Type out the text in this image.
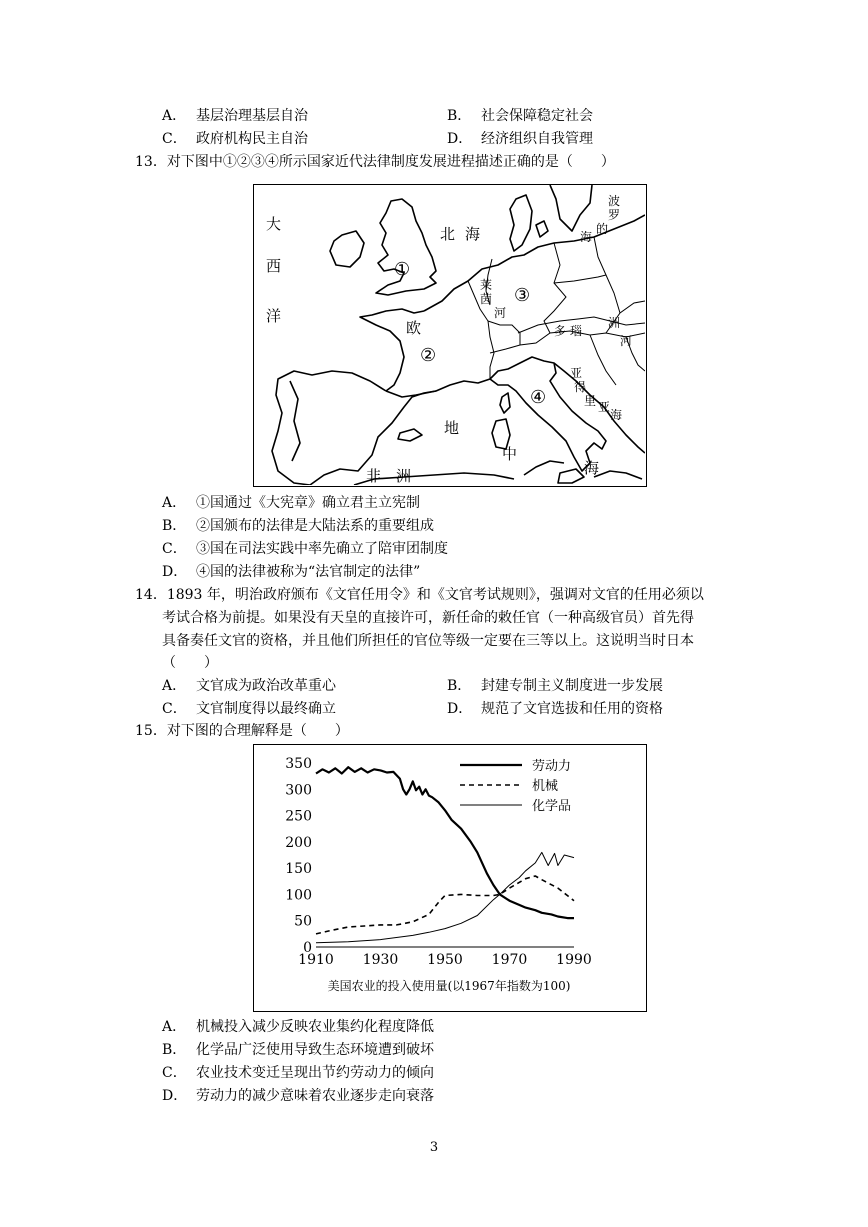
A． 基层治理基层自治	B． 社会保障稳定社会
C． 政府机构民主自治	D． 经济组织自我管理
13．对下图中①②③④所示国家近代法律制度发展进程描述正确的是（　　）
大
西
洋
北海
欧
地
中
海
非　洲
波
罗
的
海
莱
茵
河
多瑙
洲
河
亚
得
里 亚
海
①
②
③
④
A． ①国通过《大宪章》确立君主立宪制
B． ②国颁布的法律是大陆法系的重要组成
C． ③国在司法实践中率先确立了陪审团制度
D． ④国的法律被称为“法官制定的法律”
14．1893 年，明治政府颁布《文官任用令》和《文官考试规则》，强调对文官的任用必须以
考试合格为前提。如果没有天皇的直接许可，新任命的敕任官（一种高级官员）首先得
具备奏任文官的资格，并且他们所担任的官位等级一定要在三等以上。这说明当时日本
（　　）
A． 文官成为政治改革重心	B． 封建专制主义制度进一步发展
C． 文官制度得以最终确立	D． 规范了文官选拔和任用的资格
15．对下图的合理解释是（　　）
0
50
100
150
200
250
300
350
1910 1930 1950 1970 1990
劳动力
机械
化学品
美国农业的投入使用量(以1967年指数为100)
A． 机械投入减少反映农业集约化程度降低
B． 化学品广泛使用导致生态环境遭到破坏
C． 农业技术变迁呈现出节约劳动力的倾向
D． 劳动力的减少意味着农业逐步走向衰落
3
